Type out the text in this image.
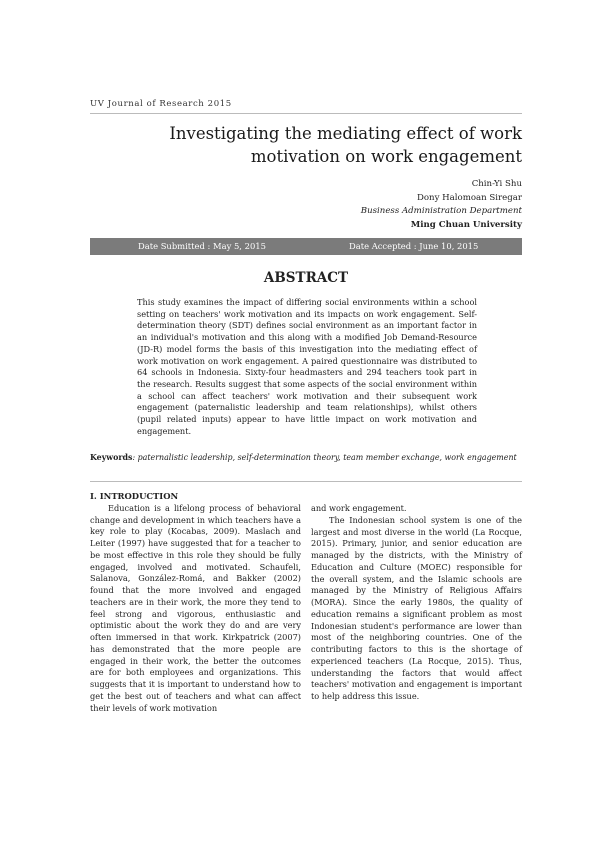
UV Journal of Research 2015
Investigating the mediating effect of work
motivation on work engagement
Chin-Yi Shu
Dony Halomoan Siregar
Business Administration Department
Ming Chuan University
Date Submitted : May 5, 2015	Date Accepted : June 10, 2015
ABSTRACT

This study examines the impact of differing social environments within a school setting on teachers' work motivation and its impacts on work engagement. Self-determination theory (SDT) defines social environment as an important factor in an individual's motivation and this along with a modified Job Demand-Resource (JD-R) model forms the basis of this investigation into the mediating effect of work motivation on work engagement. A paired questionnaire was distributed to 64 schools in Indonesia. Sixty-four headmasters and 294 teachers took part in the research. Results suggest that some aspects of the social environment within a school can affect teachers' work motivation and their subsequent work engagement (paternalistic leadership and team relationships), whilst others (pupil related inputs) appear to have little impact on work motivation and engagement.

Keywords: paternalistic leadership, self-determination theory, team member exchange, work engagement

I. INTRODUCTION

Education is a lifelong process of behavioral change and development in which teachers have a key role to play (Kocabas, 2009). Maslach and Leiter (1997) have suggested that for a teacher to be most effective in this role they should be fully engaged, involved and motivated. Schaufeli, Salanova, González-Romá, and Bakker (2002) found that the more involved and engaged teachers are in their work, the more they tend to feel strong and vigorous, enthusiastic and optimistic about the work they do and are very often immersed in that work. Kirkpatrick (2007) has demonstrated that the more people are engaged in their work, the better the outcomes are for both employees and organizations. This suggests that it is important to understand how to get the best out of teachers and what can affect their levels of work motivation

and work engagement.

The Indonesian school system is one of the largest and most diverse in the world (La Rocque, 2015). Primary, junior, and senior education are managed by the districts, with the Ministry of Education and Culture (MOEC) responsible for the overall system, and the Islamic schools are managed by the Ministry of Religious Affairs (MORA). Since the early 1980s, the quality of education remains a significant problem as most Indonesian student's performance are lower than most of the neighboring countries. One of the contributing factors to this is the shortage of experienced teachers (La Rocque, 2015). Thus, understanding the factors that would affect teachers' motivation and engagement is important to help address this issue.
